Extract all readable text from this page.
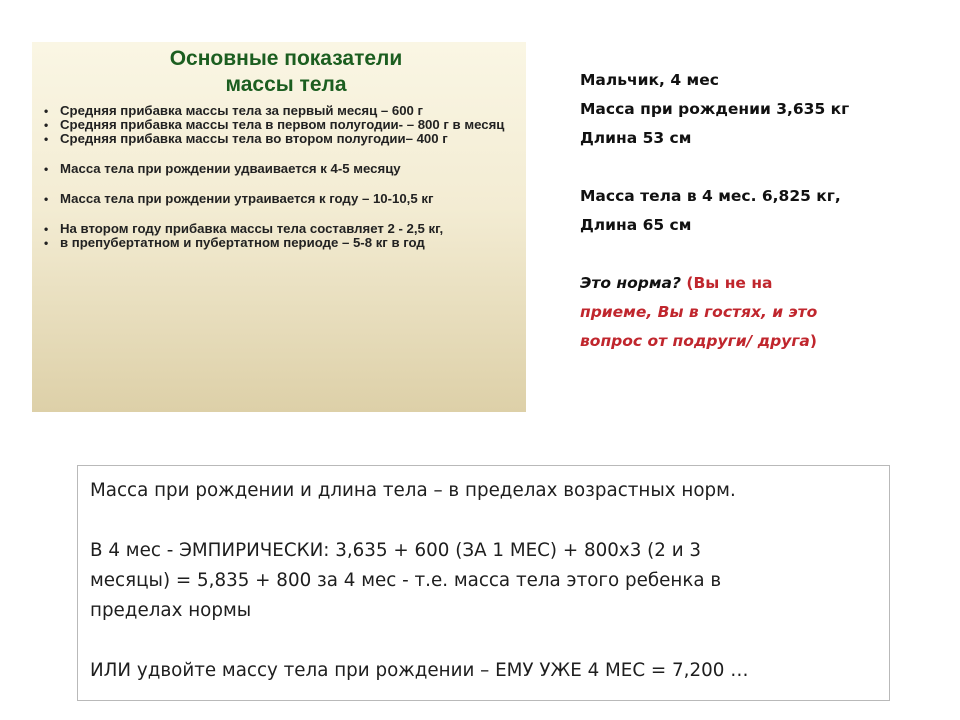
Основные показатели
массы тела
• Средняя прибавка массы тела за первый месяц – 600 г
• Средняя прибавка массы тела в первом полугодии- – 800 г в месяц
• Средняя прибавка массы тела во втором полугодии– 400 г
• Масса тела при рождении удваивается к 4-5 месяцу
• Масса тела при рождении утраивается к году – 10-10,5 кг
• На втором году прибавка массы тела составляет 2 - 2,5 кг,
• в препубертатном и пубертатном периоде – 5-8 кг в год

Мальчик, 4 мес

Масса при рождении 3,635 кг

Длина 53 см

Масса тела в 4 мес. 6,825 кг,

Длина 65 см

Это норма? (Вы не на

приеме, Вы в гостях, и это

вопрос от подруги/ друга)

Масса при рождении и длина тела – в пределах возрастных норм.

В 4 мес - ЭМПИРИЧЕСКИ: 3,635 + 600 (ЗА 1 МЕС) + 800х3 (2 и 3

месяцы) = 5,835 + 800 за 4 мес - т.е. масса тела этого ребенка в

пределах нормы

ИЛИ удвойте массу тела при рождении – ЕМУ УЖЕ 4 МЕС = 7,200 …
